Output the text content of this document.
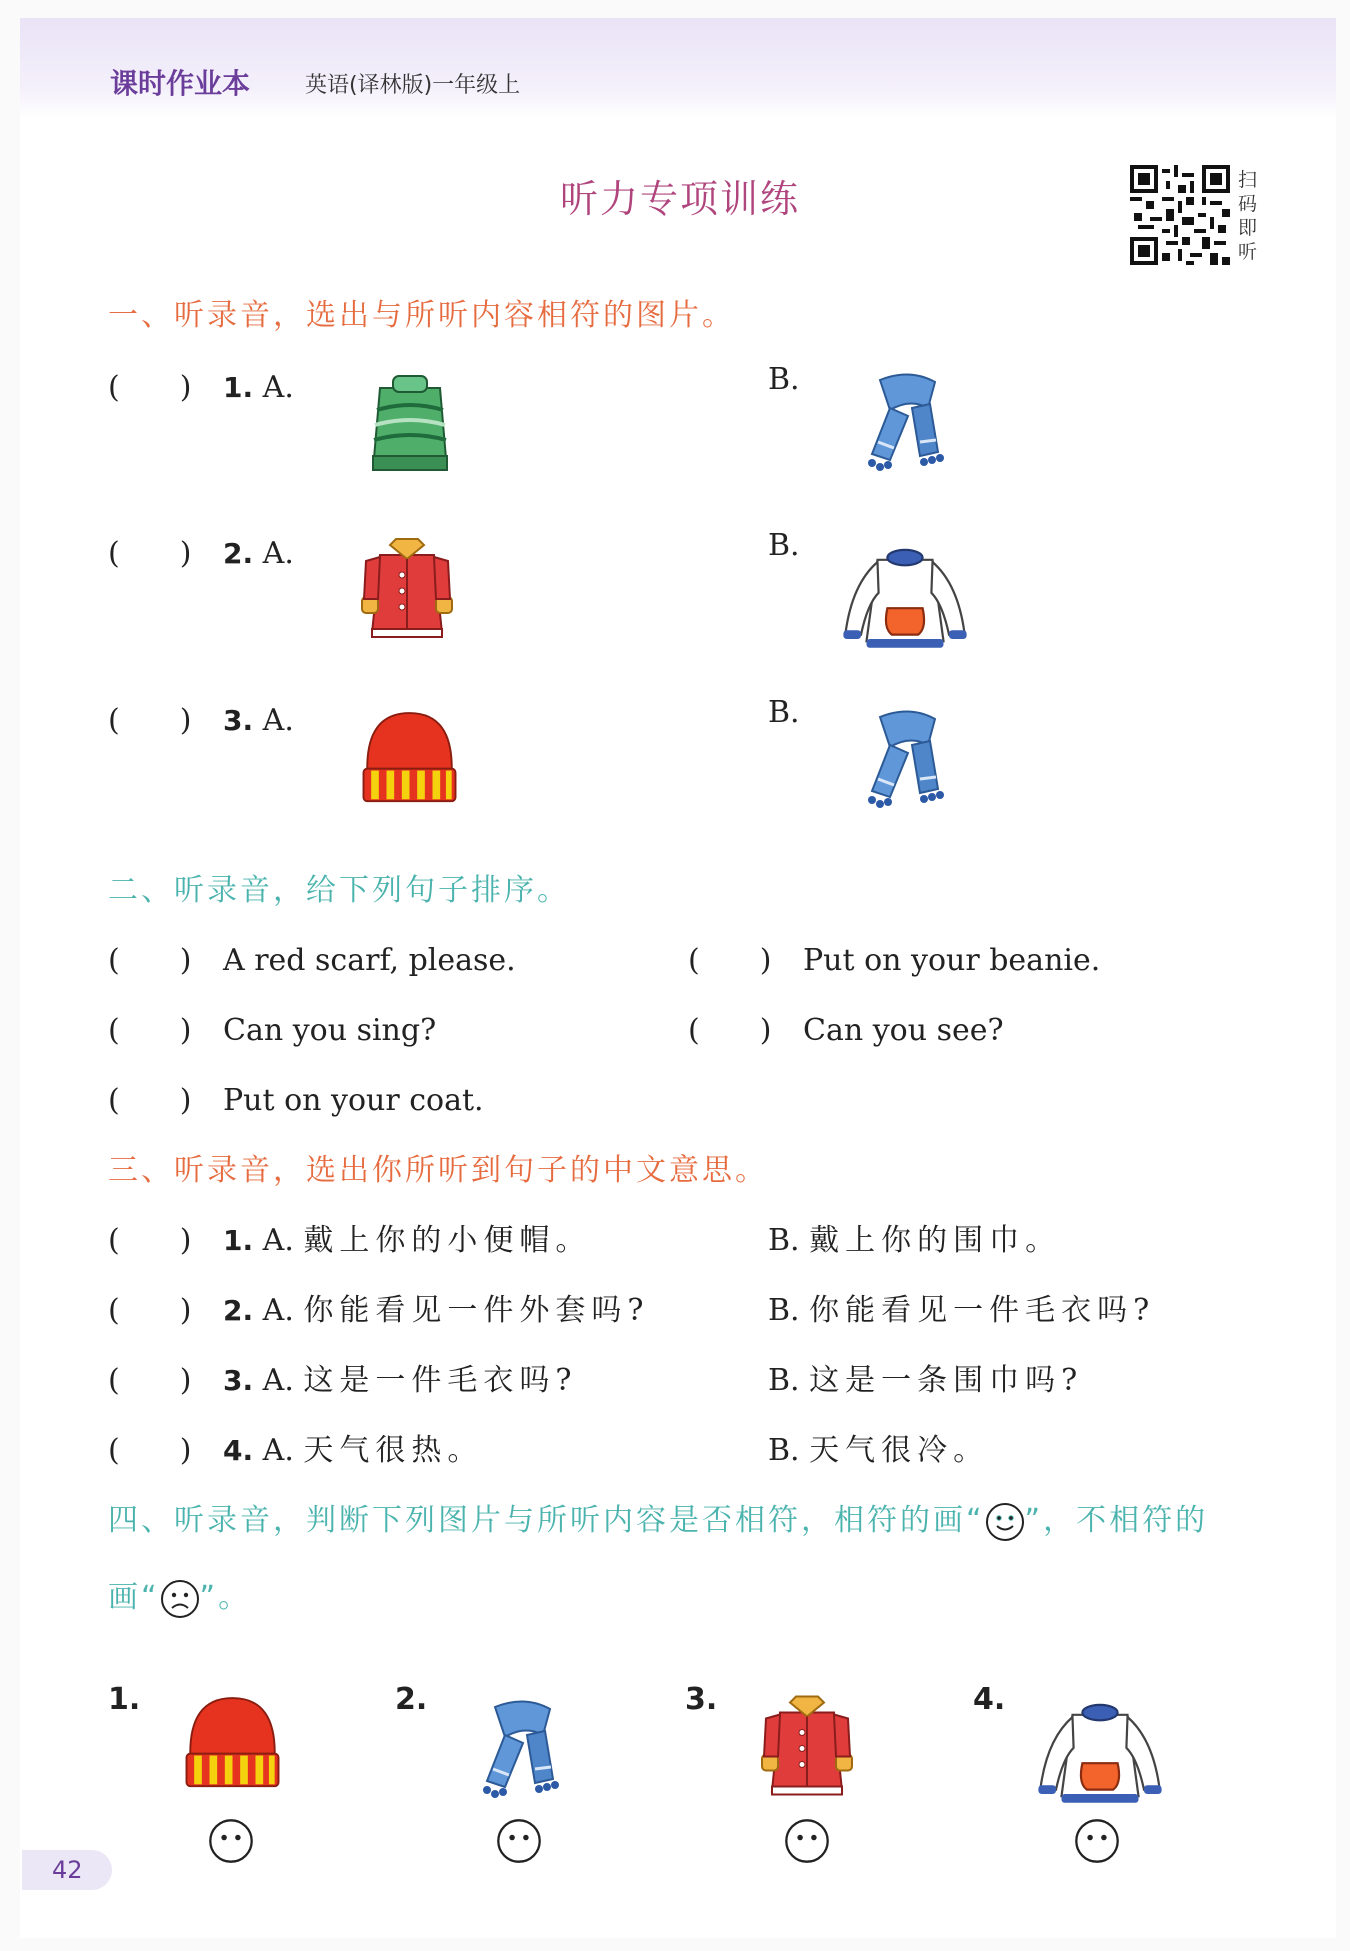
课时作业本 英语(译林版)一年级上
听力专项训练	扫码即听
一、听录音，选出与所听内容相符的图片。
(　　) 1. A.	B.
(　　) 2. A.	B.
(　　) 3. A.	B.
二、听录音，给下列句子排序。
(　　) A red scarf, please.	(　　) Put on your beanie.
(　　) Can you sing?	(　　) Can you see?
(　　) Put on your coat.
三、听录音，选出你所听到句子的中文意思。
(　　) 1. A. 戴上你的小便帽。	B. 戴上你的围巾。
(　　) 2. A. 你能看见一件外套吗?	B. 你能看见一件毛衣吗?
(　　) 3. A. 这是一件毛衣吗?	B. 这是一条围巾吗?
(　　) 4. A. 天气很热。	B. 天气很冷。
四、听录音，判断下列图片与所听内容是否相符，相符的画“ ”，不相符的
画“ ”。
1.	2.	3.	4.
42
